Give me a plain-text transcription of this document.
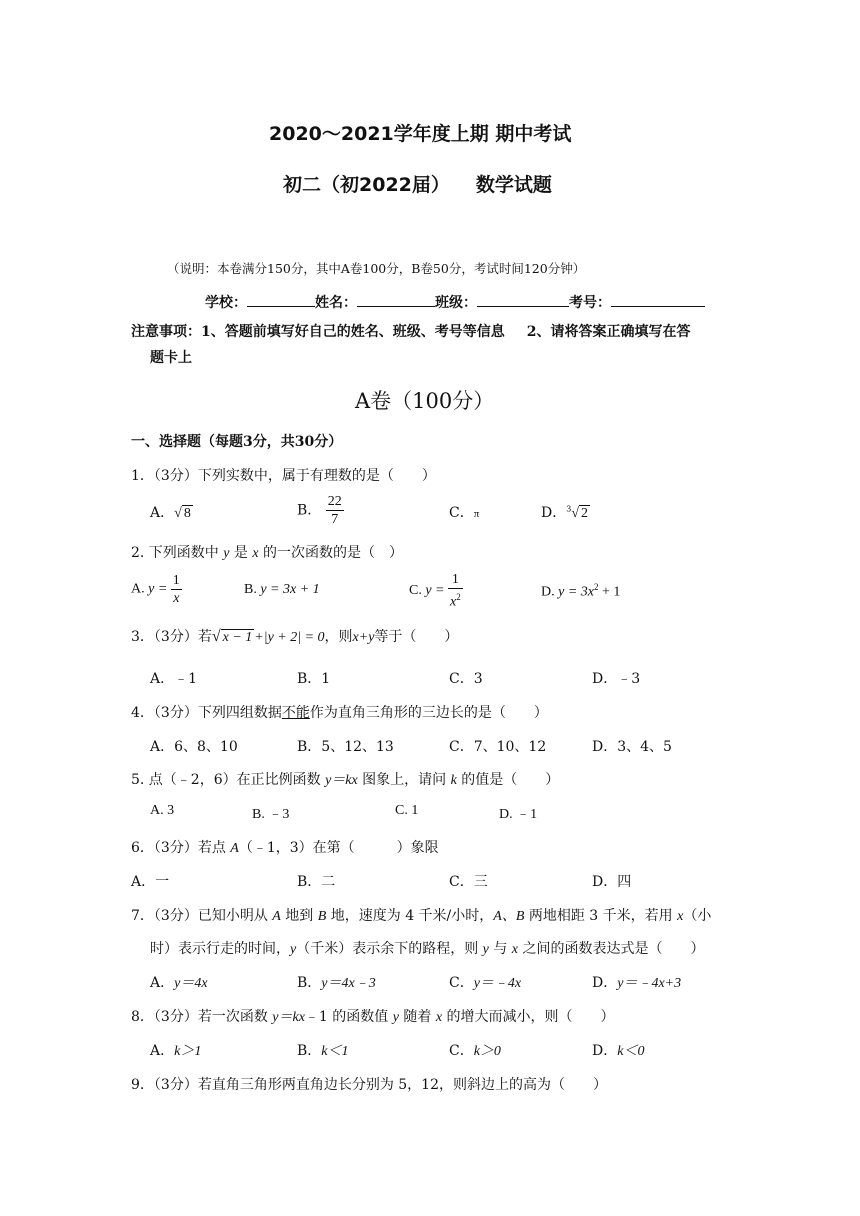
2020～2021学年度上期 期中考试
初二（初2022届） 数学试题
（说明：本卷满分150分，其中A卷100分，B卷50分，考试时间120分钟）
学校：	姓名：	班级：	考号：
注意事项：1、答题前填写好自己的姓名、班级、考号等信息 2、请将答案正确填写在答
题卡上
A卷（100分）
一、选择题（每题3分，共30分）
1．（3分）下列实数中，属于有理数的是（　　）
A．√ 8	B． $\frac{22}{7}$	C．π	D．$^3$√ 2
2. 下列函数中 y 是 x 的一次函数的是（　）
A. $y = \frac{1}{x}$	B. y = 3x + 1	C. $y = \frac{1}{x^2}$	D. $y = 3x^2 + 1$
3．（3分）若√ x − 1 +|y + 2| = 0，则x+y等于（　　）
A．﹣1	B．1	C．3	D．﹣3
4．（3分）下列四组数据不能作为直角三角形的三边长的是（　　）
A．6、8、10	B．5、12、13	C．7、10、12	D．3、4、5
5. 点（﹣2，6）在正比例函数 y＝kx 图象上，请问 k 的值是（　　）
A. 3	B. ﹣3	C. 1	D. ﹣1
6．（3分）若点 A（﹣1，3）在第（　　　）象限
A．一	B．二	C．三	D．四
7．（3分）已知小明从 A 地到 B 地，速度为 4 千米/小时，A、B 两地相距 3 千米，若用 x（小
时）表示行走的时间，y（千米）表示余下的路程，则 y 与 x 之间的函数表达式是（　　）
A．y＝4x	B．y＝4x﹣3	C．y＝﹣4x	D．y＝﹣4x+3
8．（3分）若一次函数 y＝kx﹣1 的函数值 y 随着 x 的增大而减小，则（　　）
A．k＞1	B．k＜1	C．k＞0	D．k＜0
9．（3分）若直角三角形两直角边长分别为 5，12，则斜边上的高为（　　）
